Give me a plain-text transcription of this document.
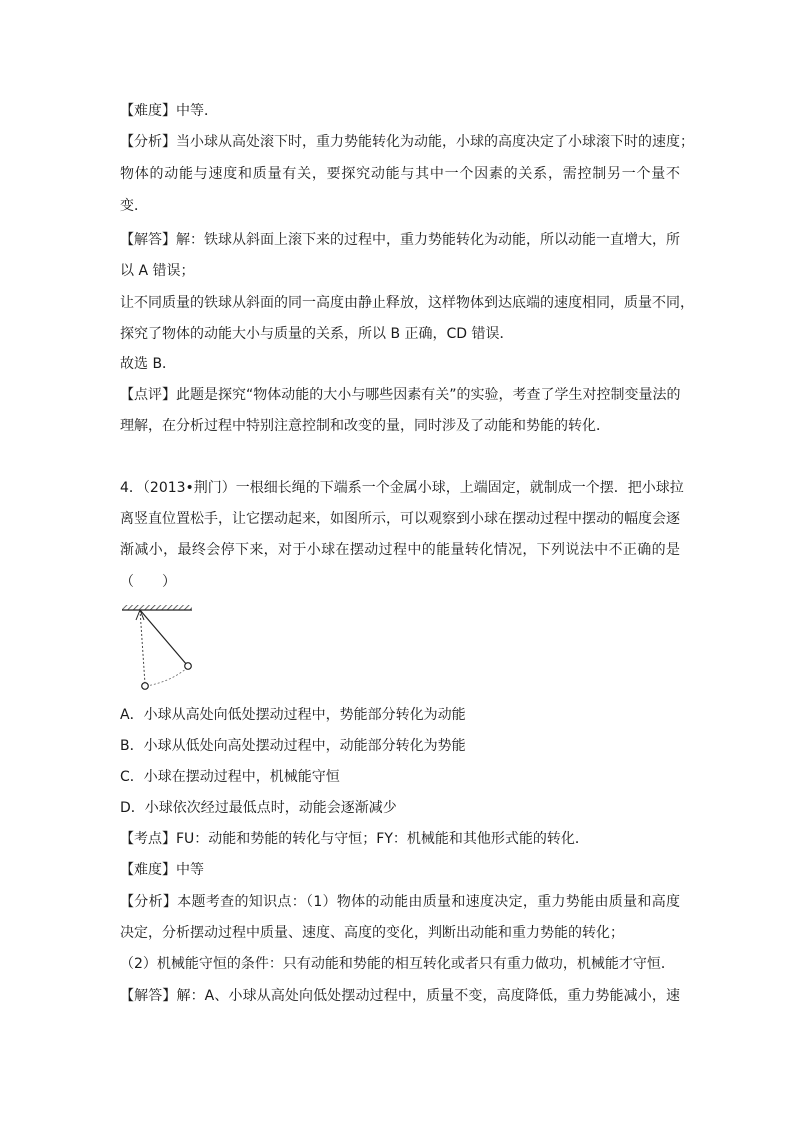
【难度】中等．
【分析】当小球从高处滚下时，重力势能转化为动能，小球的高度决定了小球滚下时的速度；
物体的动能与速度和质量有关，要探究动能与其中一个因素的关系，需控制另一个量不
变．
【解答】解：铁球从斜面上滚下来的过程中，重力势能转化为动能，所以动能一直增大，所
以 A 错误；
让不同质量的铁球从斜面的同一高度由静止释放，这样物体到达底端的速度相同，质量不同，
探究了物体的动能大小与质量的关系，所以 B 正确，CD 错误．
故选 B．
【点评】此题是探究“物体动能的大小与哪些因素有关”的实验，考查了学生对控制变量法的
理解，在分析过程中特别注意控制和改变的量，同时涉及了动能和势能的转化．
4．（2013•荆门）一根细长绳的下端系一个金属小球，上端固定，就制成一个摆．把小球拉
离竖直位置松手，让它摆动起来，如图所示，可以观察到小球在摆动过程中摆动的幅度会逐
渐减小，最终会停下来，对于小球在摆动过程中的能量转化情况，下列说法中不正确的是
（　　）
A．小球从高处向低处摆动过程中，势能部分转化为动能
B．小球从低处向高处摆动过程中，动能部分转化为势能
C．小球在摆动过程中，机械能守恒
D．小球依次经过最低点时，动能会逐渐减少
【考点】FU：动能和势能的转化与守恒；FY：机械能和其他形式能的转化．
【难度】中等
【分析】本题考查的知识点：（1）物体的动能由质量和速度决定，重力势能由质量和高度
决定，分析摆动过程中质量、速度、高度的变化，判断出动能和重力势能的转化；
（2）机械能守恒的条件：只有动能和势能的相互转化或者只有重力做功，机械能才守恒．
【解答】解：A、小球从高处向低处摆动过程中，质量不变，高度降低，重力势能减小，速
